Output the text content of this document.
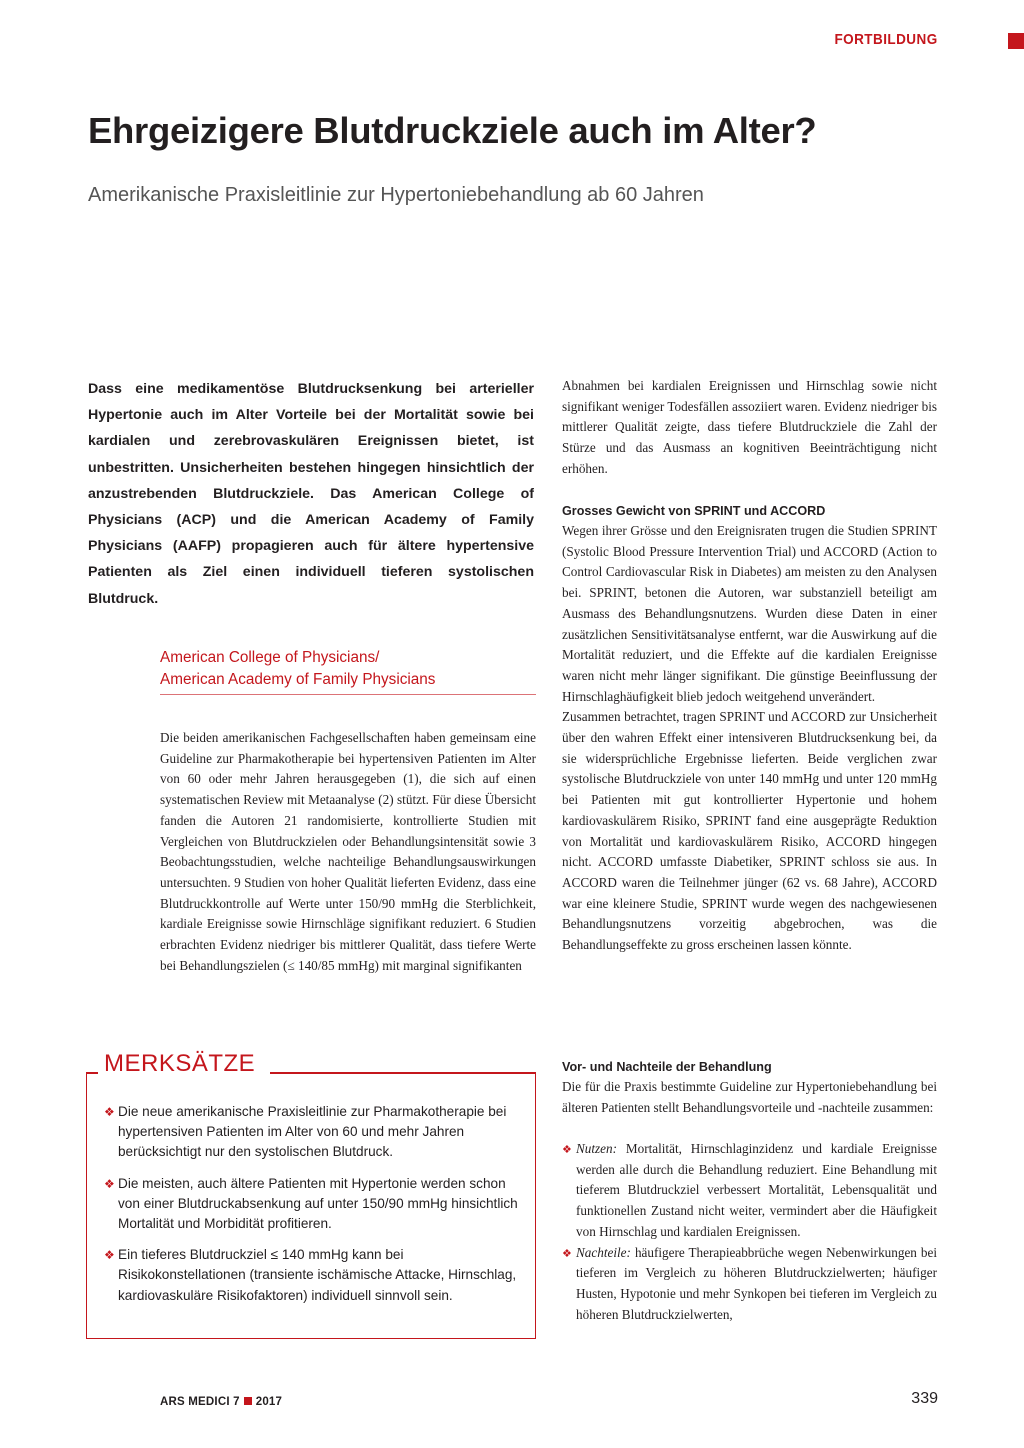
FORTBILDUNG
Ehrgeizigere Blutdruckziele auch im Alter?
Amerikanische Praxisleitlinie zur Hypertoniebehandlung ab 60 Jahren

Dass eine medikamentöse Blutdrucksenkung bei arterieller Hypertonie auch im Alter Vorteile bei der Mortalität sowie bei kardialen und zerebrovaskulären Ereignissen bietet, ist unbestritten. Unsicherheiten bestehen hingegen hinsichtlich der anzustrebenden Blutdruckziele. Das American College of Physicians (ACP) und die American Academy of Family Physicians (AAFP) propagieren auch für ältere hypertensive Patienten als Ziel einen individuell tieferen systolischen Blutdruck.

American College of Physicians/
American Academy of Family Physicians

Die beiden amerikanischen Fachgesellschaften haben gemeinsam eine Guideline zur Pharmakotherapie bei hypertensiven Patienten im Alter von 60 oder mehr Jahren herausgegeben (1), die sich auf einen systematischen Review mit Metaanalyse (2) stützt. Für diese Übersicht fanden die Autoren 21 randomisierte, kontrollierte Studien mit Vergleichen von Blutdruckzielen oder Behandlungsintensität sowie 3 Beobachtungsstudien, welche nachteilige Behandlungsauswirkungen untersuchten. 9 Studien von hoher Qualität lieferten Evidenz, dass eine Blutdruckkontrolle auf Werte unter 150/90 mmHg die Sterblichkeit, kardiale Ereignisse sowie Hirnschläge signifikant reduziert. 6 Studien erbrachten Evidenz niedriger bis mittlerer Qualität, dass tiefere Werte bei Behandlungszielen (≤ 140/85 mmHg) mit marginal signifikanten

MERKSÄTZE
❖ Die neue amerikanische Praxisleitlinie zur Pharmakotherapie bei hypertensiven Patienten im Alter von 60 und mehr Jahren berücksichtigt nur den systolischen Blutdruck.
❖ Die meisten, auch ältere Patienten mit Hypertonie werden schon von einer Blutdruckabsenkung auf unter 150/90 mmHg hinsichtlich Mortalität und Morbidität profitieren.
❖ Ein tieferes Blutdruckziel ≤ 140 mmHg kann bei Risikokonstellationen (transiente ischämische Attacke, Hirnschlag, kardiovaskuläre Risikofaktoren) individuell sinnvoll sein.

Abnahmen bei kardialen Ereignissen und Hirnschlag sowie nicht signifikant weniger Todesfällen assoziiert waren. Evidenz niedriger bis mittlerer Qualität zeigte, dass tiefere Blutdruckziele die Zahl der Stürze und das Ausmass an kognitiven Beeinträchtigung nicht erhöhen.

Grosses Gewicht von SPRINT und ACCORD

Wegen ihrer Grösse und den Ereignisraten trugen die Studien SPRINT (Systolic Blood Pressure Intervention Trial) und ACCORD (Action to Control Cardiovascular Risk in Diabetes) am meisten zu den Analysen bei. SPRINT, betonen die Autoren, war substanziell beteiligt am Ausmass des Behandlungsnutzens. Wurden diese Daten in einer zusätzlichen Sensitivitätsanalyse entfernt, war die Auswirkung auf die Mortalität reduziert, und die Effekte auf die kardialen Ereignisse waren nicht mehr länger signifikant. Die günstige Beeinflussung der Hirnschlaghäufigkeit blieb jedoch weitgehend unverändert.

Zusammen betrachtet, tragen SPRINT und ACCORD zur Unsicherheit über den wahren Effekt einer intensiveren Blutdrucksenkung bei, da sie widersprüchliche Ergebnisse lieferten. Beide verglichen zwar systolische Blutdruckziele von unter 140 mmHg und unter 120 mmHg bei Patienten mit gut kontrollierter Hypertonie und hohem kardiovaskulärem Risiko, SPRINT fand eine ausgeprägte Reduktion von Mortalität und kardiovaskulärem Risiko, ACCORD hingegen nicht. ACCORD umfasste Diabetiker, SPRINT schloss sie aus. In ACCORD waren die Teilnehmer jünger (62 vs. 68 Jahre), ACCORD war eine kleinere Studie, SPRINT wurde wegen des nachgewiesenen Behandlungsnutzens vorzeitig abgebrochen, was die Behandlungseffekte zu gross erscheinen lassen könnte.

Vor- und Nachteile der Behandlung

Die für die Praxis bestimmte Guideline zur Hypertoniebehandlung bei älteren Patienten stellt Behandlungsvorteile und -nachteile zusammen:

❖ Nutzen: Mortalität, Hirnschlaginzidenz und kardiale Ereignisse werden alle durch die Behandlung reduziert. Eine Behandlung mit tieferem Blutdruckziel verbessert Mortalität, Lebensqualität und funktionellen Zustand nicht weiter, vermindert aber die Häufigkeit von Hirnschlag und kardialen Ereignissen.
❖ Nachteile: häufigere Therapieabbrüche wegen Nebenwirkungen bei tieferen im Vergleich zu höheren Blutdruckzielwerten; häufiger Husten, Hypotonie und mehr Synkopen bei tieferen im Vergleich zu höheren Blutdruckzielwerten,
ARS MEDICI 7 2017	339
